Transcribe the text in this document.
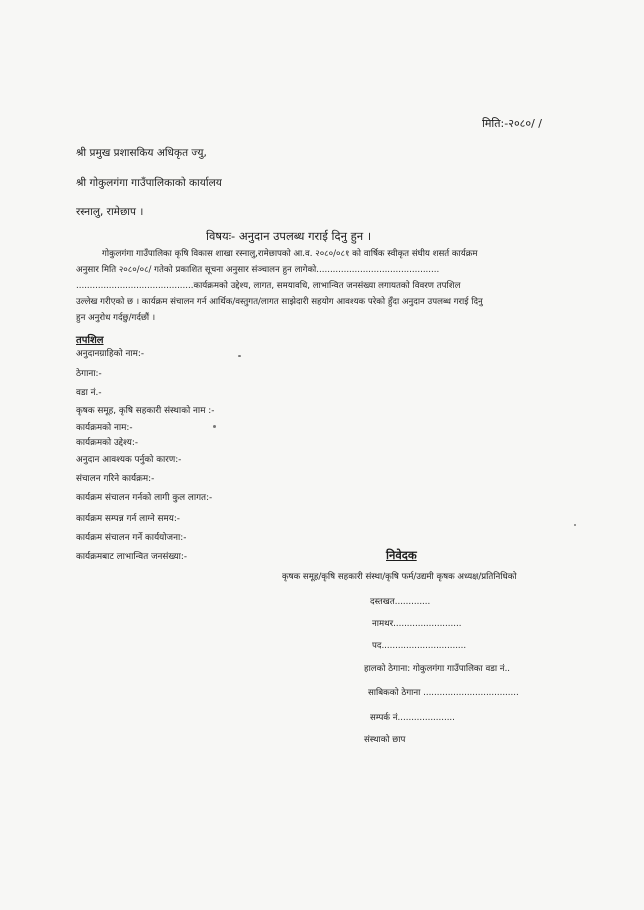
मिति:-२०८०/ /
श्री प्रमुख प्रशासकिय अधिकृत ज्यु,
श्री गोकुलगंगा गाउँपालिकाको कार्यालय
रस्नालु, रामेछाप ।
विषयः- अनुदान उपलब्ध गराई दिनु हुन ।
गोकुलगंगा गाउँपालिका कृषि विकास शाखा रस्नालु,रामेछापको आ.व. २०८०/०८१ को वार्षिक स्वीकृत संघीय शसर्त कार्यक्रम
अनुसार मिति २०८०/०८/ गतेको प्रकाशित सूचना अनुसार संञ्चालन हुन लागेको.............................................
...........................................कार्यक्रमको उद्देश्य, लागत, समयावधि, लाभान्वित जनसंख्या लगायतको विवरण तपशिल
उल्लेख गरीएको छ । कार्यक्रम संचालन गर्न आर्थिक/वस्तुगत/लागत साझेदारी सहयोग आवश्यक परेको हुँदा अनुदान उपलब्ध गराई दिनु
हुन अनुरोध गर्दछु/गर्दछौं ।
तपशिल
अनुदानग्राहिको नाम:-
ठेगाना:-
वडा नं.-
कृषक समूह, कृषि सहकारी संस्थाको नाम :-
कार्यक्रमको नाम:-
कार्यक्रमको उद्देश्य:-
अनुदान आवश्यक पर्नुको कारण:-
संचालन गरिने कार्यक्रम:-
कार्यक्रम संचालन गर्नको लागी कुल लागत:-
कार्यक्रम सम्पन्न गर्न लाग्ने समय:-
कार्यक्रम संचालन गर्ने कार्ययोजना:-
कार्यक्रमबाट लाभान्वित जनसंख्या:-	निवेदक
कृषक समूह/कृषि सहकारी संस्था/कृषि फर्म/उद्यमी कृषक अध्यक्ष/प्रतिनिधिको
दस्तखत.............
नामथर.........................
पद...............................
हालको ठेगाना: गोकुलगंगा गाउँपालिका वडा नं..
साबिकको ठेगाना ...................................
सम्पर्क नं.....................
संस्थाको छाप
